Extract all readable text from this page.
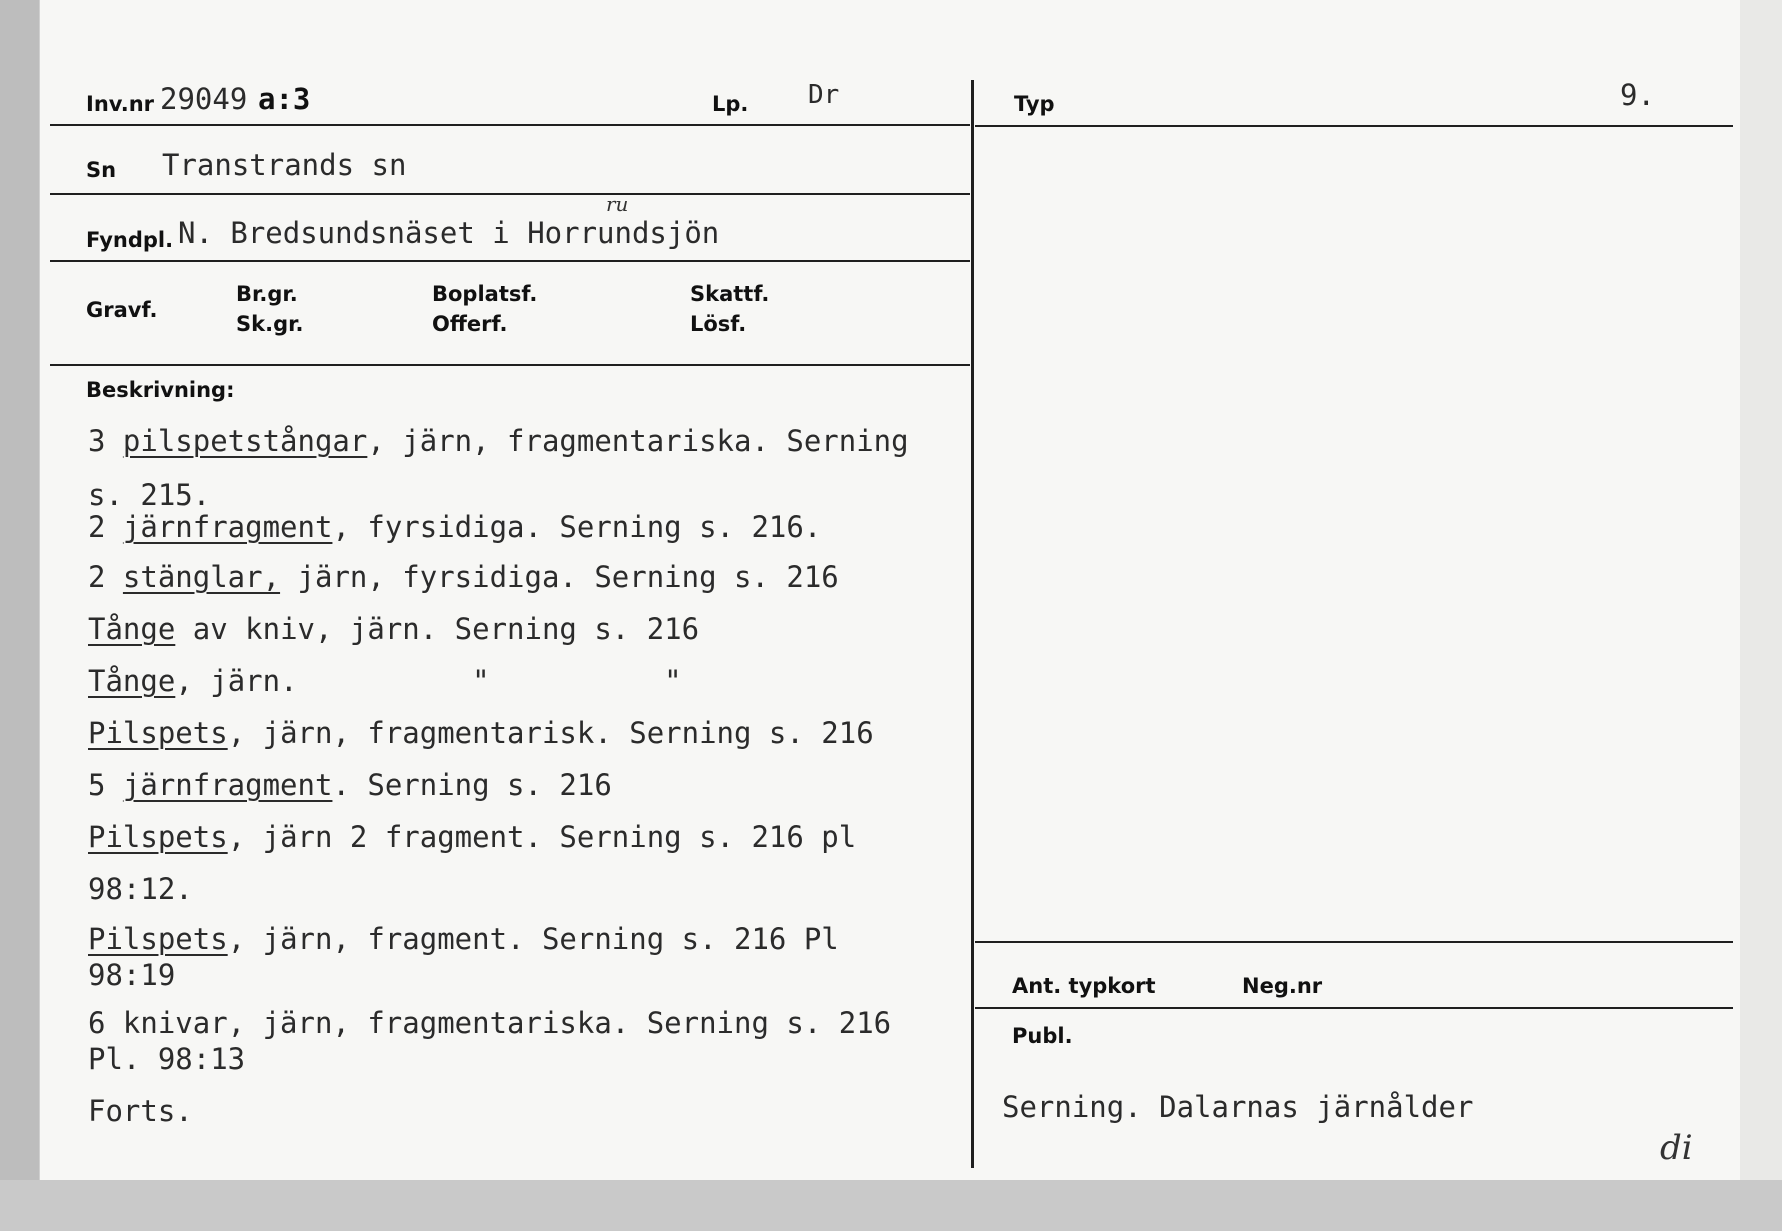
Inv.nr 29049 a:3	Lp. Dr	Typ	9.
Sn Transtrands sn
Fyndpl. N. Bredsundsnäset i Horrundsjön
ru
Gravf.
Br.gr.
Sk.gr.
Boplatsf.
Offerf.
Skattf.
Lösf.
Beskrivning:
3 pilspetstångar, järn, fragmentariska. Serning
s. 215.
2 järnfragment, fyrsidiga. Serning s. 216.
2 stänglar, järn, fyrsidiga. Serning s. 216
Tånge av kniv, järn. Serning s. 216
Tånge, järn.          "          "
Pilspets, järn, fragmentarisk. Serning s. 216
5 järnfragment. Serning s. 216
Pilspets, järn 2 fragment. Serning s. 216 pl
98:12.
Pilspets, järn, fragment. Serning s. 216 Pl
98:19
6 knivar, järn, fragmentariska. Serning s. 216
Pl. 98:13
Forts.
Ant. typkort	Neg.nr
Publ.
Serning. Dalarnas järnålder
di
